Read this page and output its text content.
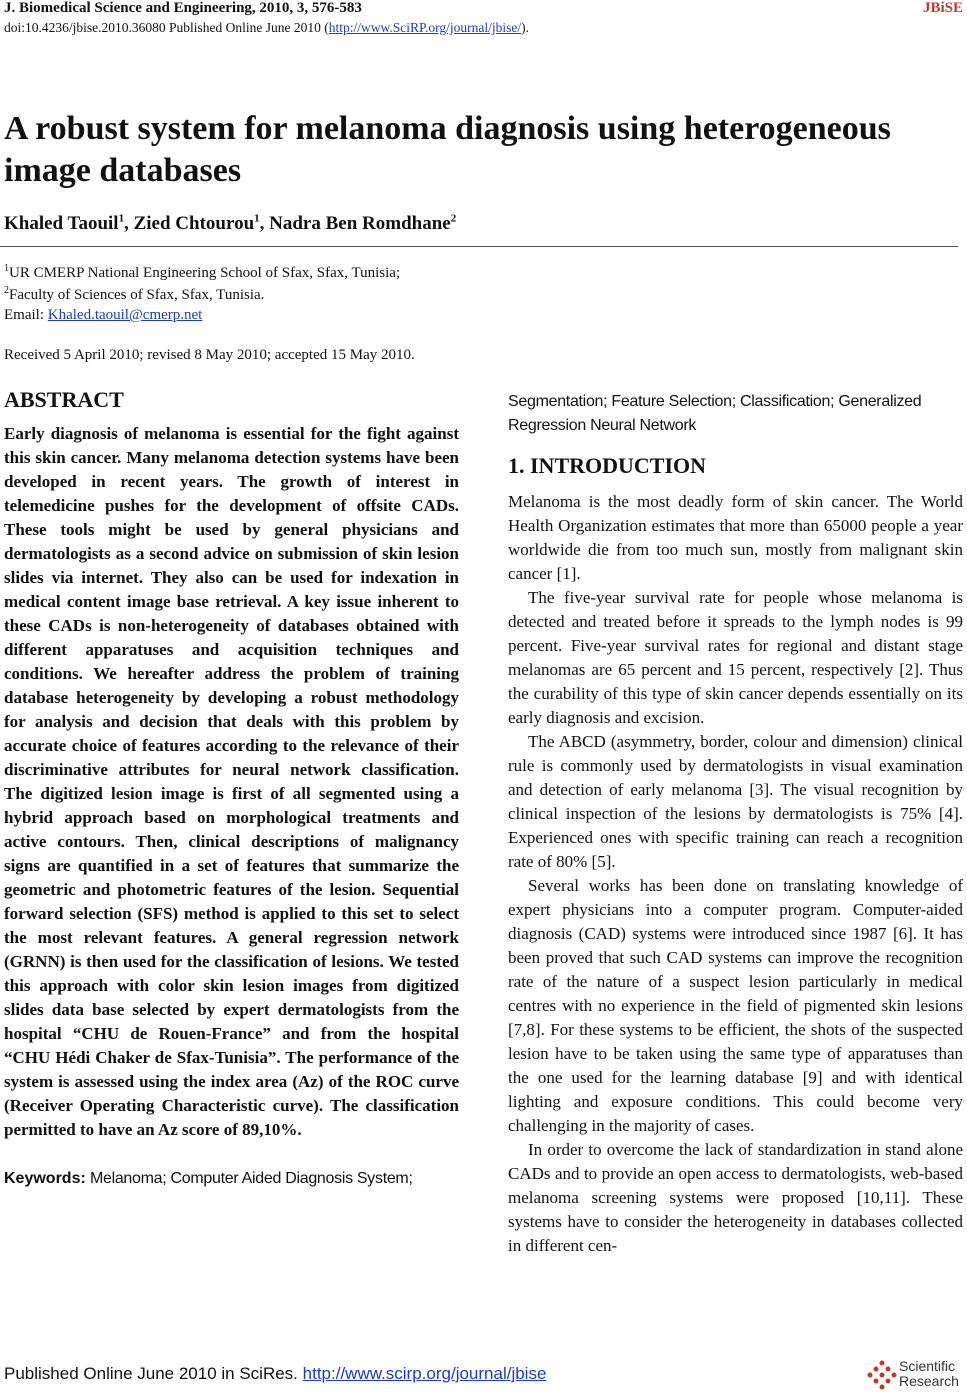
J. Biomedical Science and Engineering, 2010, 3, 576-583	JBiSE
doi:10.4236/jbise.2010.36080 Published Online June 2010 (http://www.SciRP.org/journal/jbise/).
A robust system for melanoma diagnosis using heterogeneous image databases
Khaled Taouil$^1$, Zied Chtourou$^1$, Nadra Ben Romdhane$^2$
$^1$UR CMERP National Engineering School of Sfax, Sfax, Tunisia;
$^2$Faculty of Sciences of Sfax, Sfax, Tunisia.
Email: Khaled.taouil@cmerp.net
Received 5 April 2010; revised 8 May 2010; accepted 15 May 2010.
ABSTRACT
Early diagnosis of melanoma is essential for the fight against this skin cancer. Many melanoma detection systems have been developed in recent years. The growth of interest in telemedicine pushes for the development of offsite CADs. These tools might be used by general physicians and dermatologists as a second advice on submission of skin lesion slides via internet. They also can be used for indexation in medical content image base retrieval. A key issue inherent to these CADs is non-heterogeneity of databases obtained with different apparatuses and acquisition techniques and conditions. We hereafter address the problem of training database heterogeneity by developing a robust methodology for analysis and decision that deals with this problem by accurate choice of features according to the relevance of their discriminative attributes for neural network classification. The digitized lesion image is first of all segmented using a hybrid approach based on morphological treatments and active contours. Then, clinical descriptions of malignancy signs are quantified in a set of features that summarize the geometric and photometric features of the lesion. Sequential forward selection (SFS) method is applied to this set to select the most relevant features. A general regression network (GRNN) is then used for the classification of lesions. We tested this approach with color skin lesion images from digitized slides data base selected by expert dermatologists from the hospital “CHU de Rouen-France” and from the hospital “CHU Hédi Chaker de Sfax-Tunisia”. The performance of the system is assessed using the index area (Az) of the ROC curve (Receiver Operating Characteristic curve). The classification permitted to have an Az score of 89,10%.
Keywords: Melanoma; Computer Aided Diagnosis System;
Segmentation; Feature Selection; Classification; Generalized Regression Neural Network
1. INTRODUCTION

Melanoma is the most deadly form of skin cancer. The World Health Organization estimates that more than 65000 people a year worldwide die from too much sun, mostly from malignant skin cancer [1].

The five-year survival rate for people whose melanoma is detected and treated before it spreads to the lymph nodes is 99 percent. Five-year survival rates for regional and distant stage melanomas are 65 percent and 15 percent, respectively [2]. Thus the curability of this type of skin cancer depends essentially on its early diagnosis and excision.

The ABCD (asymmetry, border, colour and dimension) clinical rule is commonly used by dermatologists in visual examination and detection of early melanoma [3]. The visual recognition by clinical inspection of the lesions by dermatologists is 75% [4]. Experienced ones with specific training can reach a recognition rate of 80% [5].

Several works has been done on translating knowledge of expert physicians into a computer program. Computer-aided diagnosis (CAD) systems were introduced since 1987 [6]. It has been proved that such CAD systems can improve the recognition rate of the nature of a suspect lesion particularly in medical centres with no experience in the field of pigmented skin lesions [7,8]. For these systems to be efficient, the shots of the suspected lesion have to be taken using the same type of apparatuses than the one used for the learning database [9] and with identical lighting and exposure conditions. This could become very challenging in the majority of cases.

In order to overcome the lack of standardization in stand alone CADs and to provide an open access to dermatologists, web-based melanoma screening systems were proposed [10,11]. These systems have to consider the heterogeneity in databases collected in different cen-

Published Online June 2010 in SciRes. http://www.scirp.org/journal/jbise	Scientific
Research
